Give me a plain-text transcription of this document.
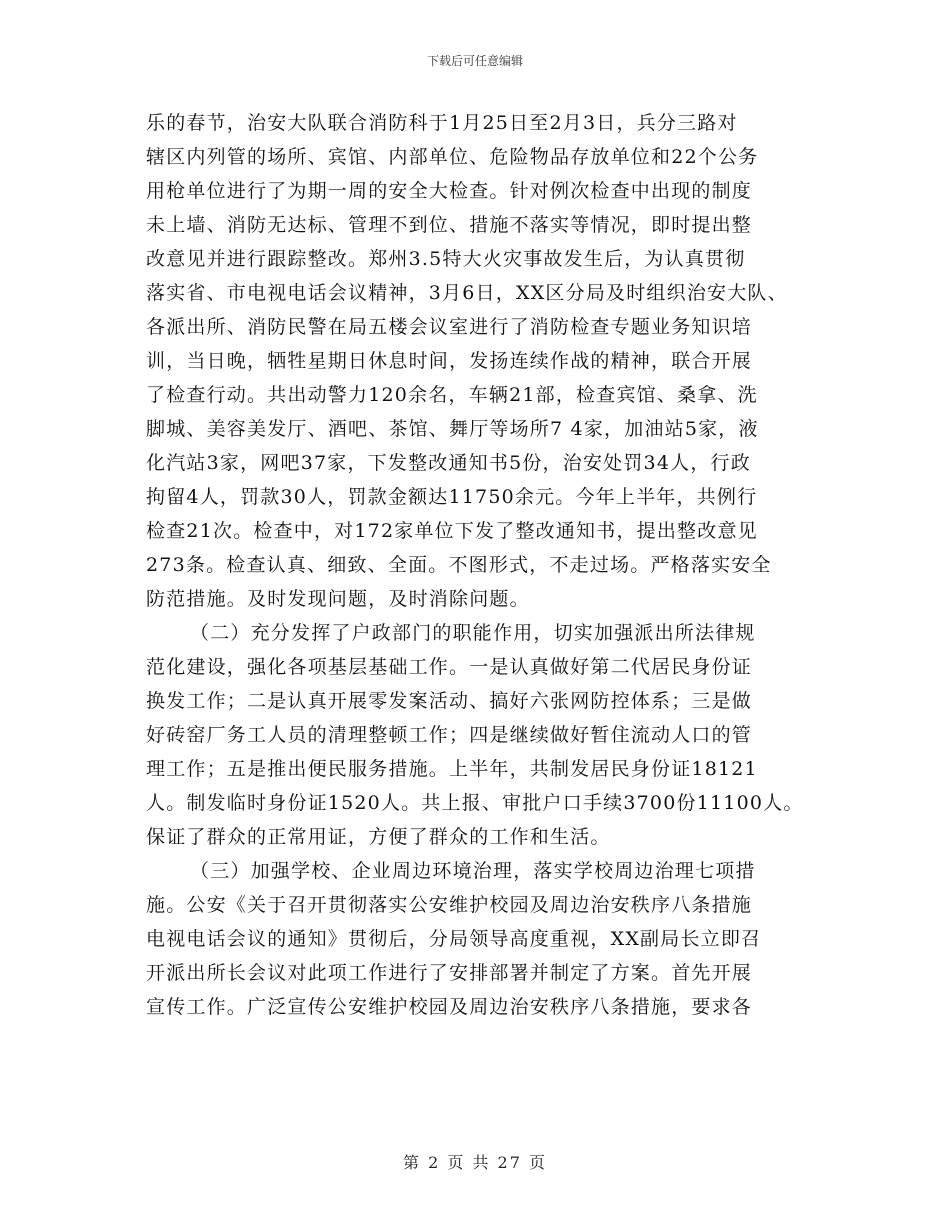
下载后可任意编辑
乐的春节，治安大队联合消防科于1月25日至2月3日，兵分三路对
辖区内列管的场所、宾馆、内部单位、危险物品存放单位和22个公务
用枪单位进行了为期一周的安全大检查。针对例次检查中出现的制度
未上墙、消防无达标、管理不到位、措施不落实等情况，即时提出整
改意见并进行跟踪整改。郑州3.5特大火灾事故发生后，为认真贯彻
落实省、市电视电话会议精神，3月6日，XX区分局及时组织治安大队、
各派出所、消防民警在局五楼会议室进行了消防检查专题业务知识培
训，当日晚，牺牲星期日休息时间，发扬连续作战的精神，联合开展
了检查行动。共出动警力120余名，车辆21部，检查宾馆、桑拿、洗
脚城、美容美发厅、酒吧、茶馆、舞厅等场所7 4家，加油站5家，液
化汽站3家，网吧37家，下发整改通知书5份，治安处罚34人，行政
拘留4人，罚款30人，罚款金额达11750余元。今年上半年，共例行
检查21次。检查中，对172家单位下发了整改通知书，提出整改意见
273条。检查认真、细致、全面。不图形式，不走过场。严格落实安全
防范措施。及时发现问题，及时消除问题。
（二）充分发挥了户政部门的职能作用，切实加强派出所法律规
范化建设，强化各项基层基础工作。一是认真做好第二代居民身份证
换发工作；二是认真开展零发案活动、搞好六张网防控体系；三是做
好砖窑厂务工人员的清理整顿工作；四是继续做好暂住流动人口的管
理工作；五是推出便民服务措施。上半年，共制发居民身份证18121
人。制发临时身份证1520人。共上报、审批户口手续3700份11100人。
保证了群众的正常用证，方便了群众的工作和生活。
（三）加强学校、企业周边环境治理，落实学校周边治理七项措
施。公安《关于召开贯彻落实公安维护校园及周边治安秩序八条措施
电视电话会议的通知》贯彻后，分局领导高度重视，XX副局长立即召
开派出所长会议对此项工作进行了安排部署并制定了方案。首先开展
宣传工作。广泛宣传公安维护校园及周边治安秩序八条措施，要求各
第 2 页 共 27 页
